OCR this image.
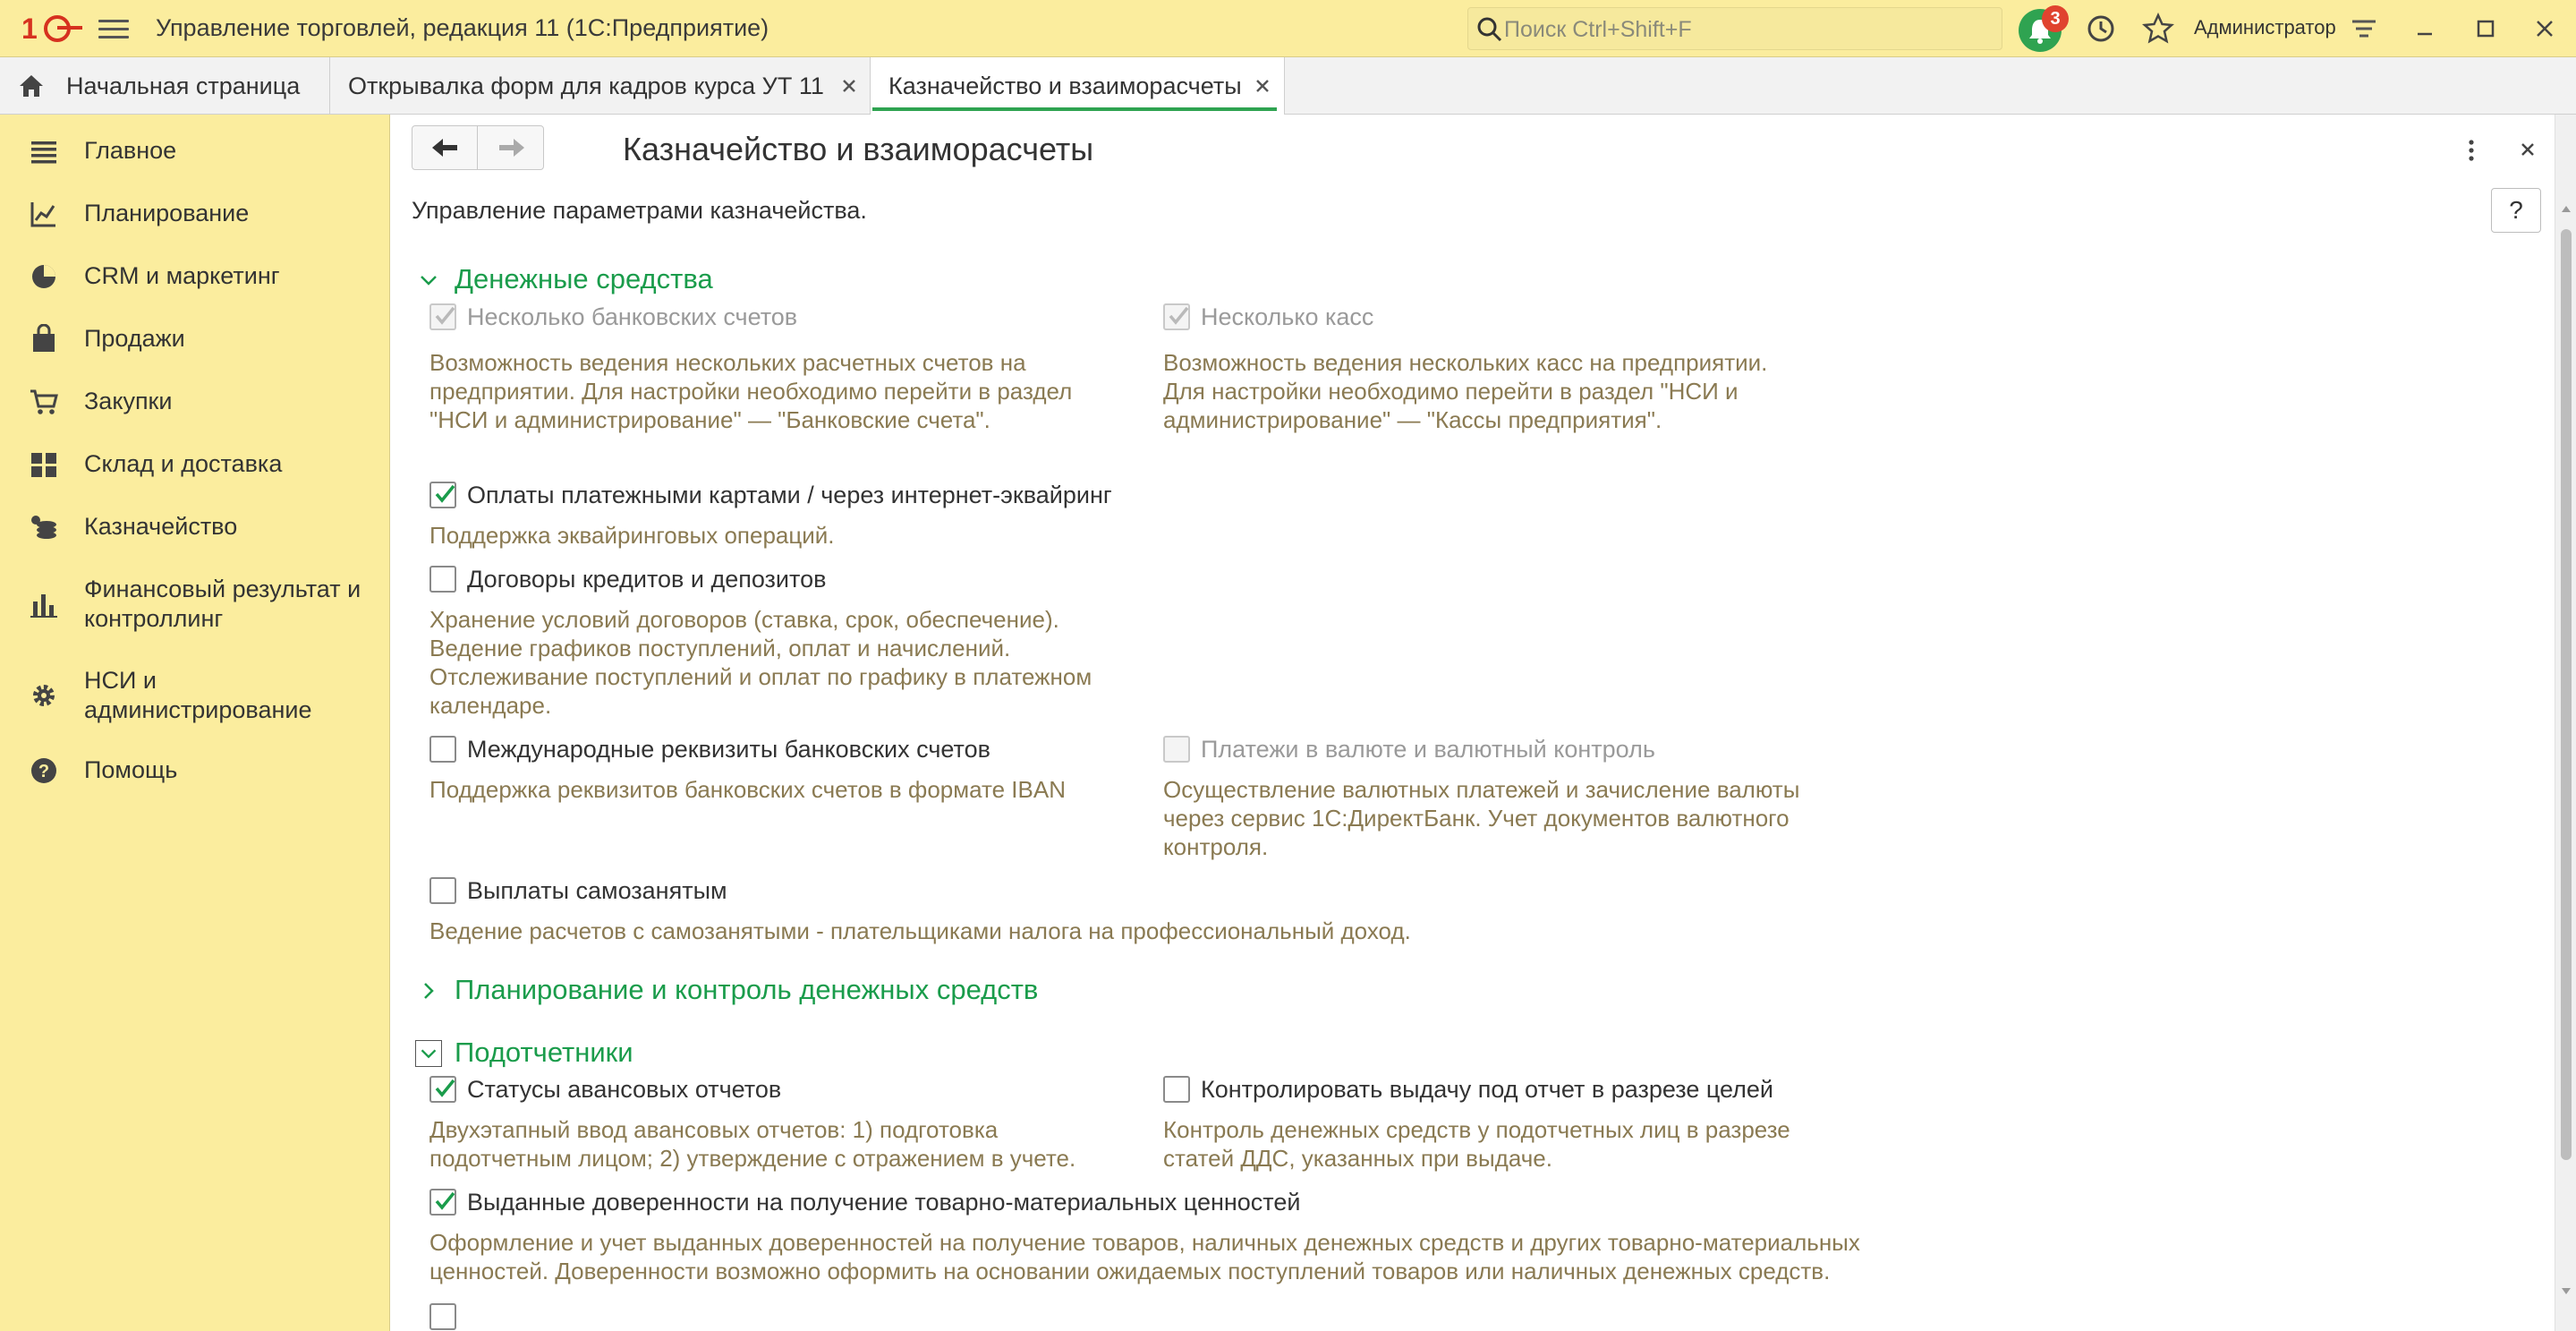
1	Управление торговлей, редакция 11 (1С:Предприятие)	Поиск Ctrl+Shift+F	3	Администратор
Начальная страница Открывалка форм для кадров курса УТ 11	Казначейство и взаиморасчеты
Главное
Планирование
CRM и маркетинг
Продажи
Закупки
Склад и доставка
Казначейство
Финансовый результат и контроллинг
НСИ и администрирование
? Помощь
Казначейство и взаиморасчеты
?
Управление параметрами казначейства.
Денежные средства
Несколько банковских счетов
Возможность ведения нескольких расчетных счетов на
предприятии. Для настройки необходимо перейти в раздел
"НСИ и администрирование" — "Банковские счета".
Несколько касс
Возможность ведения нескольких касс на предприятии.
Для настройки необходимо перейти в раздел "НСИ и
администрирование" — "Кассы предприятия".
Оплаты платежными картами / через интернет-эквайринг
Поддержка эквайринговых операций.
Договоры кредитов и депозитов
Хранение условий договоров (ставка, срок, обеспечение).
Ведение графиков поступлений, оплат и начислений.
Отслеживание поступлений и оплат по графику в платежном
календаре.
Международные реквизиты банковских счетов
Поддержка реквизитов банковских счетов в формате IBAN
Платежи в валюте и валютный контроль
Осуществление валютных платежей и зачисление валюты
через сервис 1С:ДиректБанк. Учет документов валютного
контроля.
Выплаты самозанятым
Ведение расчетов с самозанятыми - плательщиками налога на профессиональный доход.
Планирование и контроль денежных средств
Подотчетники
Статусы авансовых отчетов
Двухэтапный ввод авансовых отчетов: 1) подготовка
подотчетным лицом; 2) утверждение с отражением в учете.
Контролировать выдачу под отчет в разрезе целей
Контроль денежных средств у подотчетных лиц в разрезе
статей ДДС, указанных при выдаче.
Выданные доверенности на получение товарно-материальных ценностей
Оформление и учет выданных доверенностей на получение товаров, наличных денежных средств и других товарно-материальных
ценностей. Доверенности возможно оформить на основании ожидаемых поступлений товаров или наличных денежных средств.
